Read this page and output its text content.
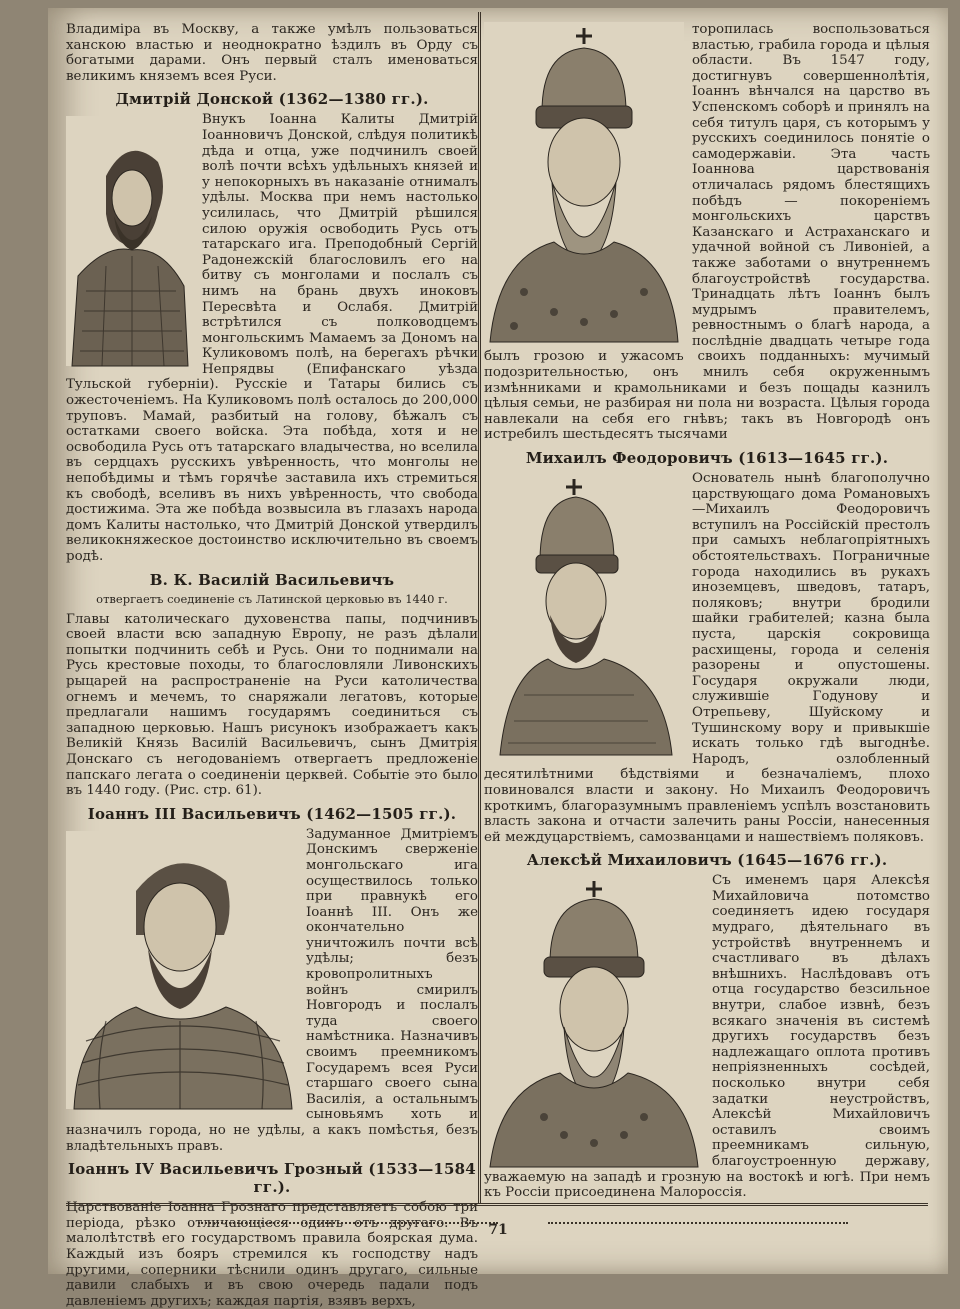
Владиміра въ Москву, а также умѣлъ пользоваться ханскою властью и неоднократно ѣздилъ въ Орду съ богатыми дарами. Онъ первый сталъ именоваться великимъ княземъ всея Руси.

Дмитрій Донской (1362—1380 гг.).

Внукъ Іоанна Калиты Дмитрій Іоанновичъ Донской, слѣдуя политикѣ дѣда и отца, уже подчинилъ своей волѣ почти всѣхъ удѣльныхъ князей и у непокорныхъ въ наказаніе отнималъ удѣлы. Москва при немъ настолько усилилась, что Дмитрій рѣшился силою оружія освободить Русь отъ татарскаго ига. Преподобный Сергій Радонежскій благословилъ его на битву съ монголами и послалъ съ нимъ на брань двухъ иноковъ Пересвѣта и Ослабя. Дмитрій встрѣтился съ полководцемъ монгольскимъ Мамаемъ за Дономъ на Куликовомъ полѣ, на берегахъ рѣчки Непрядвы (Епифанскаго уѣзда Тульской губерніи). Русскіе и Татары бились съ ожесточеніемъ. На Куликовомъ полѣ осталось до 200,000 труповъ. Мамай, разбитый на голову, бѣжалъ съ остатками своего войска. Эта побѣда, хотя и не освободила Русь отъ татарскаго владычества, но вселила въ сердцахъ русскихъ увѣренность, что монголы не непобѣдимы и тѣмъ горячѣе заставила ихъ стремиться къ свободѣ, вселивъ въ нихъ увѣренность, что свобода достижима. Эта же побѣда возвысила въ глазахъ народа домъ Калиты настолько, что Дмитрій Донской утвердилъ великокняжеское достоинство исключительно въ своемъ родѣ.

В. К. Василій Васильевичъ
отвергаетъ соединеніе съ Латинской церковью въ 1440 г.

Главы католическаго духовенства папы, подчинивъ своей власти всю западную Европу, не разъ дѣлали попытки подчинить себѣ и Русь. Они то поднимали на Русь крестовые походы, то благословляли Ливонскихъ рыцарей на распространеніе на Руси католичества огнемъ и мечемъ, то снаряжали легатовъ, которые предлагали нашимъ государямъ соединиться съ западною церковью. Нашъ рисунокъ изображаетъ какъ Великій Князь Василій Васильевичъ, сынъ Дмитрія Донскаго съ негодованіемъ отвергаетъ предложеніе папскаго легата о соединеніи церквей. Событіе это было въ 1440 году. (Рис. стр. 61).

Іоаннъ III Васильевичъ (1462—1505 гг.).

Задуманное Дмитріемъ Донскимъ сверженіе монгольскаго ига осуществилось только при правнукѣ его Іоаннѣ III. Онъ же окончательно уничтожилъ почти всѣ удѣлы; безъ кровопролитныхъ войнъ смирилъ Новгородъ и послалъ туда своего намѣстника. Назначивъ своимъ преемникомъ Государемъ всея Руси старшаго своего сына Василія, а остальнымъ сыновьямъ хоть и назначилъ города, но не удѣлы, а какъ помѣстья, безъ владѣтельныхъ правъ.

Іоаннъ IV Васильевичъ Грозный (1533—1584 гг.).

Царствованіе Іоанна Грознаго представляетъ собою три періода, рѣзко отличающіеся одинъ отъ другаго. Въ малолѣтствѣ его государствомъ правила боярская дума. Каждый изъ бояръ стремился къ господству надъ другими, соперники тѣснили одинъ другаго, сильные давили слабыхъ и въ свою очередь падали подъ давленіемъ другихъ; каждая партія, взявъ верхъ,

торопилась воспользоваться властью, грабила города и цѣлыя области. Въ 1547 году, достигнувъ совершеннолѣтія, Іоаннъ вѣнчался на царство въ Успенскомъ соборѣ и принялъ на себя титулъ царя, съ которымъ у русскихъ соединилось понятіе о самодержавіи. Эта часть Іоаннова царствованія отличалась рядомъ блестящихъ побѣдъ — покореніемъ монгольскихъ царствъ Казанскаго и Астраханскаго и удачной войной съ Ливоніей, а также заботами о внутреннемъ благоустройствѣ государства. Тринадцать лѣтъ Іоаннъ былъ мудрымъ правителемъ, ревностнымъ о благѣ народа, а послѣдніе двадцать четыре года былъ грозою и ужасомъ своихъ подданныхъ: мучимый подозрительностью, онъ мнилъ себя окруженнымъ измѣнниками и крамольниками и безъ пощады казнилъ цѣлыя семьи, не разбирая ни пола ни возраста. Цѣлыя города навлекали на себя его гнѣвъ; такъ въ Новгородѣ онъ истребилъ шестьдесятъ тысячами

Михаилъ Феодоровичъ (1613—1645 гг.).

Основатель нынѣ благополучно царствующаго дома Романовыхъ—Михаилъ Феодоровичъ вступилъ на Россійскій престолъ при самыхъ неблагопріятныхъ обстоятельствахъ. Пограничные города находились въ рукахъ иноземцевъ, шведовъ, татаръ, поляковъ; внутри бродили шайки грабителей; казна была пуста, царскія сокровища расхищены, города и селенія разорены и опустошены. Государя окружали люди, служившіе Годунову и Отрепьеву, Шуйскому и Тушинскому вору и привыкшіе искать только гдѣ выгоднѣе. Народъ, озлобленный десятилѣтними бѣдствіями и безначаліемъ, плохо повиновался власти и закону. Но Михаилъ Феодоровичъ кроткимъ, благоразумнымъ правленіемъ успѣлъ возстановить власть закона и отчасти залечить раны Россіи, нанесенныя ей междуцарствіемъ, самозванцами и нашествіемъ поляковъ.

Алексѣй Михаиловичъ (1645—1676 гг.).

Съ именемъ царя Алексѣя Михайловича потомство соединяетъ идею государя мудраго, дѣятельнаго въ устройствѣ внутреннемъ и счастливаго въ дѣлахъ внѣшнихъ. Наслѣдовавъ отъ отца государство безсильное внутри, слабое извнѣ, безъ всякаго значенія въ системѣ другихъ государствъ безъ надлежащаго оплота противъ непріязненныхъ сосѣдей, посколько внутри себя задатки неустройствъ, Алексѣй Михайловичъ оставилъ своимъ преемникамъ сильную, благоустроенную державу, уважаемую на западѣ и грозную на востокѣ и югѣ. При немъ къ Россіи присоединена Малороссія.

71
